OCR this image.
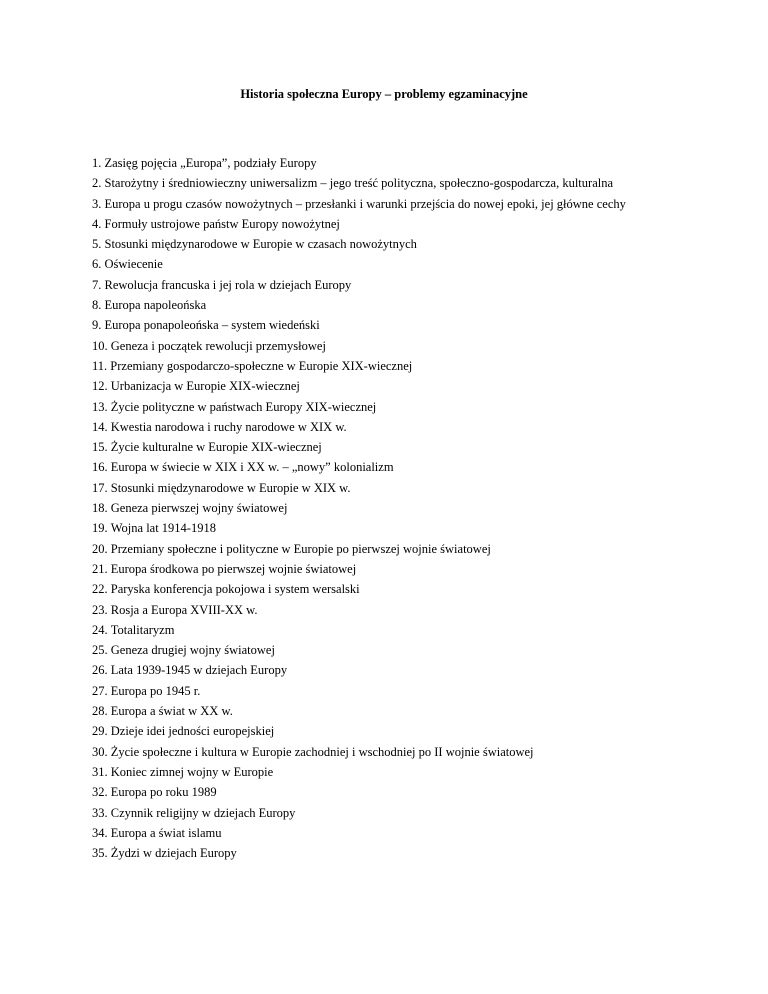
Historia społeczna Europy – problemy egzaminacyjne
1. Zasięg pojęcia „Europa”, podziały Europy
2. Starożytny i średniowieczny uniwersalizm – jego treść polityczna, społeczno-gospodarcza, kulturalna
3. Europa u progu czasów nowożytnych – przesłanki i warunki przejścia do nowej epoki, jej główne cechy
4. Formuły ustrojowe państw Europy nowożytnej
5. Stosunki międzynarodowe w Europie w czasach nowożytnych
6. Oświecenie
7. Rewolucja francuska i jej rola w dziejach Europy
8. Europa napoleońska
9. Europa ponapoleońska – system wiedeński
10. Geneza i początek rewolucji przemysłowej
11. Przemiany gospodarczo-społeczne w Europie XIX-wiecznej
12. Urbanizacja w Europie XIX-wiecznej
13. Życie polityczne w państwach Europy XIX-wiecznej
14. Kwestia narodowa i ruchy narodowe w XIX w.
15. Życie kulturalne w Europie XIX-wiecznej
16. Europa w świecie w XIX i XX w. – „nowy” kolonializm
17. Stosunki międzynarodowe w Europie w XIX w.
18. Geneza pierwszej wojny światowej
19. Wojna lat 1914-1918
20. Przemiany społeczne i polityczne w Europie po pierwszej wojnie światowej
21. Europa środkowa po pierwszej wojnie światowej
22. Paryska konferencja pokojowa i system wersalski
23. Rosja a Europa XVIII-XX w.
24. Totalitaryzm
25. Geneza drugiej wojny światowej
26. Lata 1939-1945 w dziejach Europy
27. Europa po 1945 r.
28. Europa a świat w XX w.
29. Dzieje idei jedności europejskiej
30. Życie społeczne i kultura w Europie zachodniej i wschodniej po II wojnie światowej
31. Koniec zimnej wojny w Europie
32. Europa po roku 1989
33. Czynnik religijny w dziejach Europy
34. Europa a świat islamu
35. Żydzi w dziejach Europy
